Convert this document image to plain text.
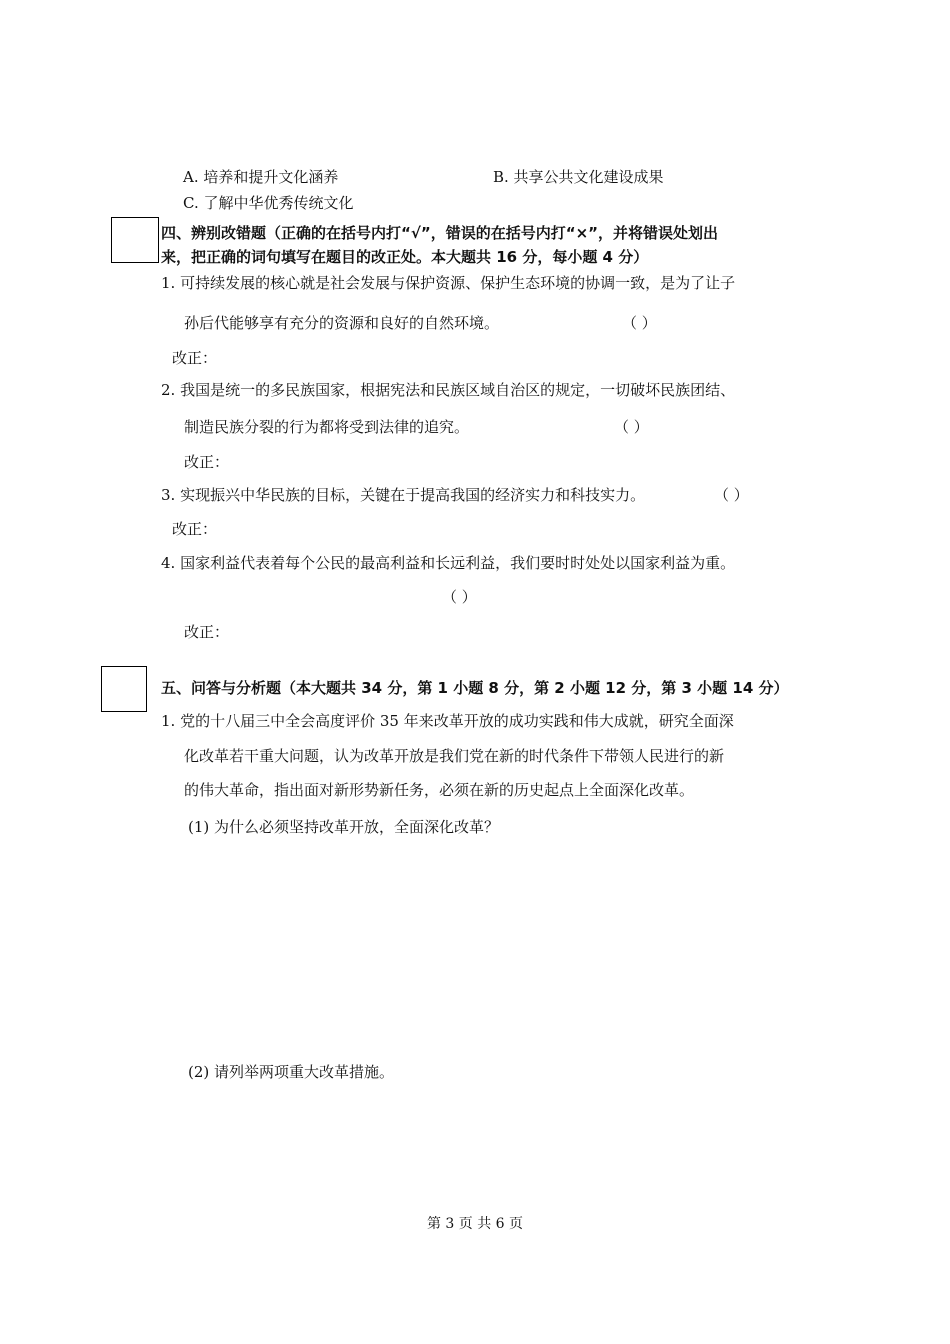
A. 培养和提升文化涵养	B. 共享公共文化建设成果
C. 了解中华优秀传统文化
四、辨别改错题（正确的在括号内打“√”，错误的在括号内打“×”，并将错误处划出
来，把正确的词句填写在题目的改正处。本大题共 16 分，每小题 4 分）
1. 可持续发展的核心就是社会发展与保护资源、保护生态环境的协调一致，是为了让子
孙后代能够享有充分的资源和良好的自然环境。	（ ）
改正：
2. 我国是统一的多民族国家，根据宪法和民族区域自治区的规定，一切破坏民族团结、
制造民族分裂的行为都将受到法律的追究。	（ ）
改正：
3. 实现振兴中华民族的目标，关键在于提高我国的经济实力和科技实力。	（ ）
改正：
4. 国家利益代表着每个公民的最高利益和长远利益，我们要时时处处以国家利益为重。
（ ）
改正：
五、问答与分析题（本大题共 34 分，第 1 小题 8 分，第 2 小题 12 分，第 3 小题 14 分）
1. 党的十八届三中全会高度评价 35 年来改革开放的成功实践和伟大成就，研究全面深
化改革若干重大问题，认为改革开放是我们党在新的时代条件下带领人民进行的新
的伟大革命，指出面对新形势新任务，必须在新的历史起点上全面深化改革。
(1) 为什么必须坚持改革开放，全面深化改革？
(2) 请列举两项重大改革措施。
第 3 页 共 6 页
